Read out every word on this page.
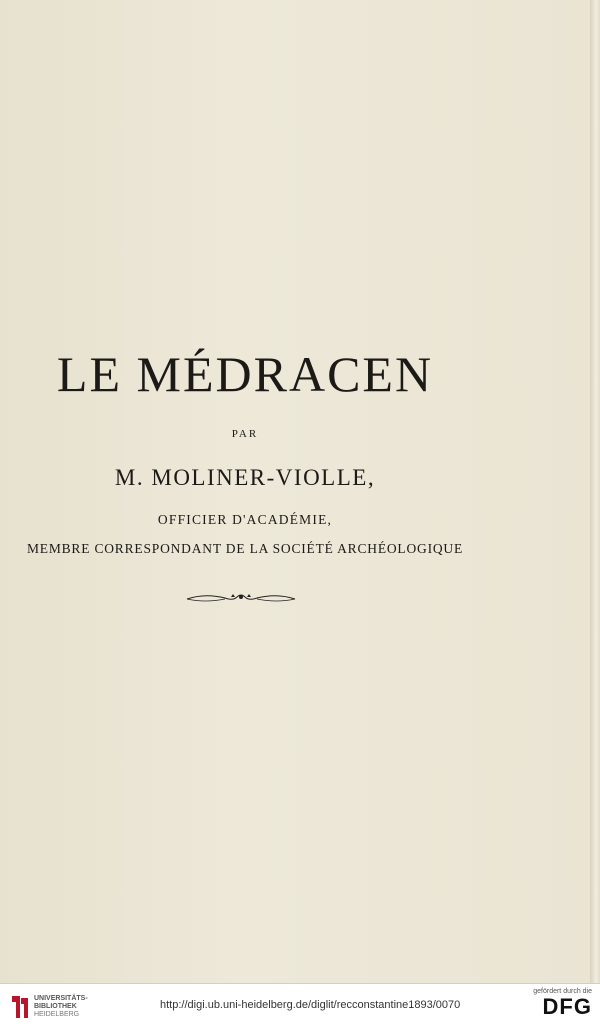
LE MÉDRACEN
PAR
M. MOLINER-VIOLLE,
OFFICIER D'ACADÉMIE,
MEMBRE CORRESPONDANT DE LA SOCIÉTÉ ARCHÉOLOGIQUE
UNIVERSITÄTS-
BIBLIOTHEK
HEIDELBERG
http://digi.ub.uni-heidelberg.de/diglit/recconstantine1893/0070
gefördert durch die
DFG
